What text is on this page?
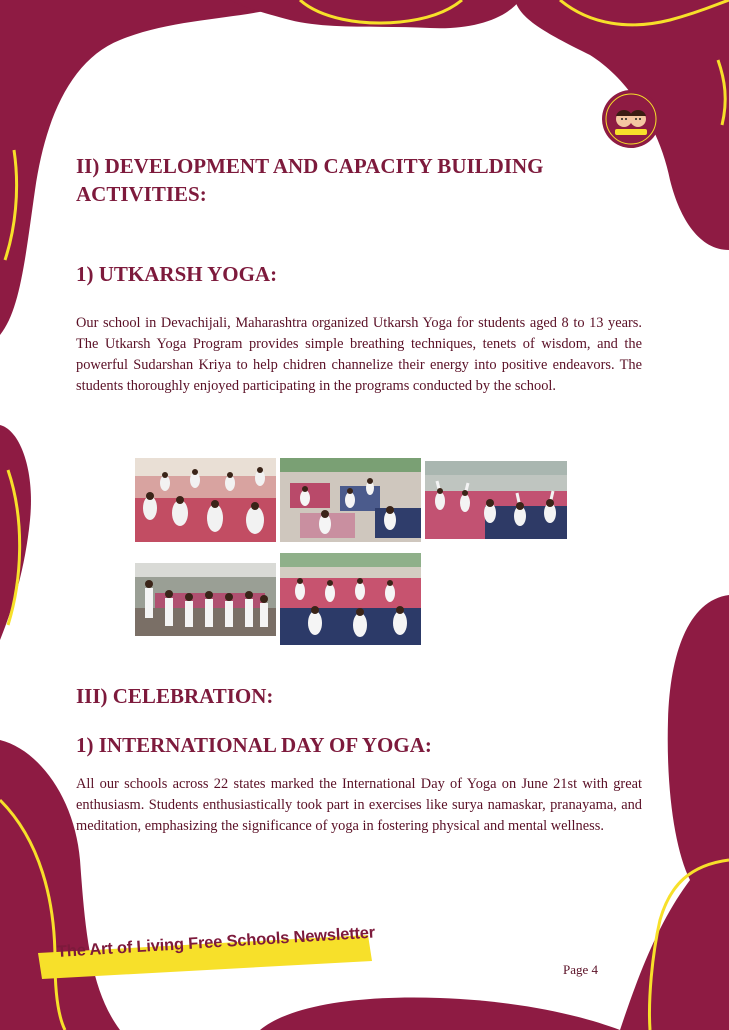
II) DEVELOPMENT AND CAPACITY BUILDING ACTIVITIES:
1) UTKARSH YOGA:

Our school in Devachijali, Maharashtra organized Utkarsh Yoga for students aged 8 to 13 years. The Utkarsh Yoga Program provides simple breathing techniques, tenets of wisdom, and the powerful Sudarshan Kriya to help chidren channelize their energy into positive endeavors. The students thoroughly enjoyed participating in the programs conducted by the school.

III) CELEBRATION:
1) INTERNATIONAL DAY OF YOGA:

All our schools across 22 states marked the International Day of Yoga on June 21st with great enthusiasm. Students enthusiastically took part in exercises like surya namaskar, pranayama, and meditation, emphasizing the significance of yoga in fostering physical and mental wellness.

The Art of Living Free Schools Newsletter
Page 4
